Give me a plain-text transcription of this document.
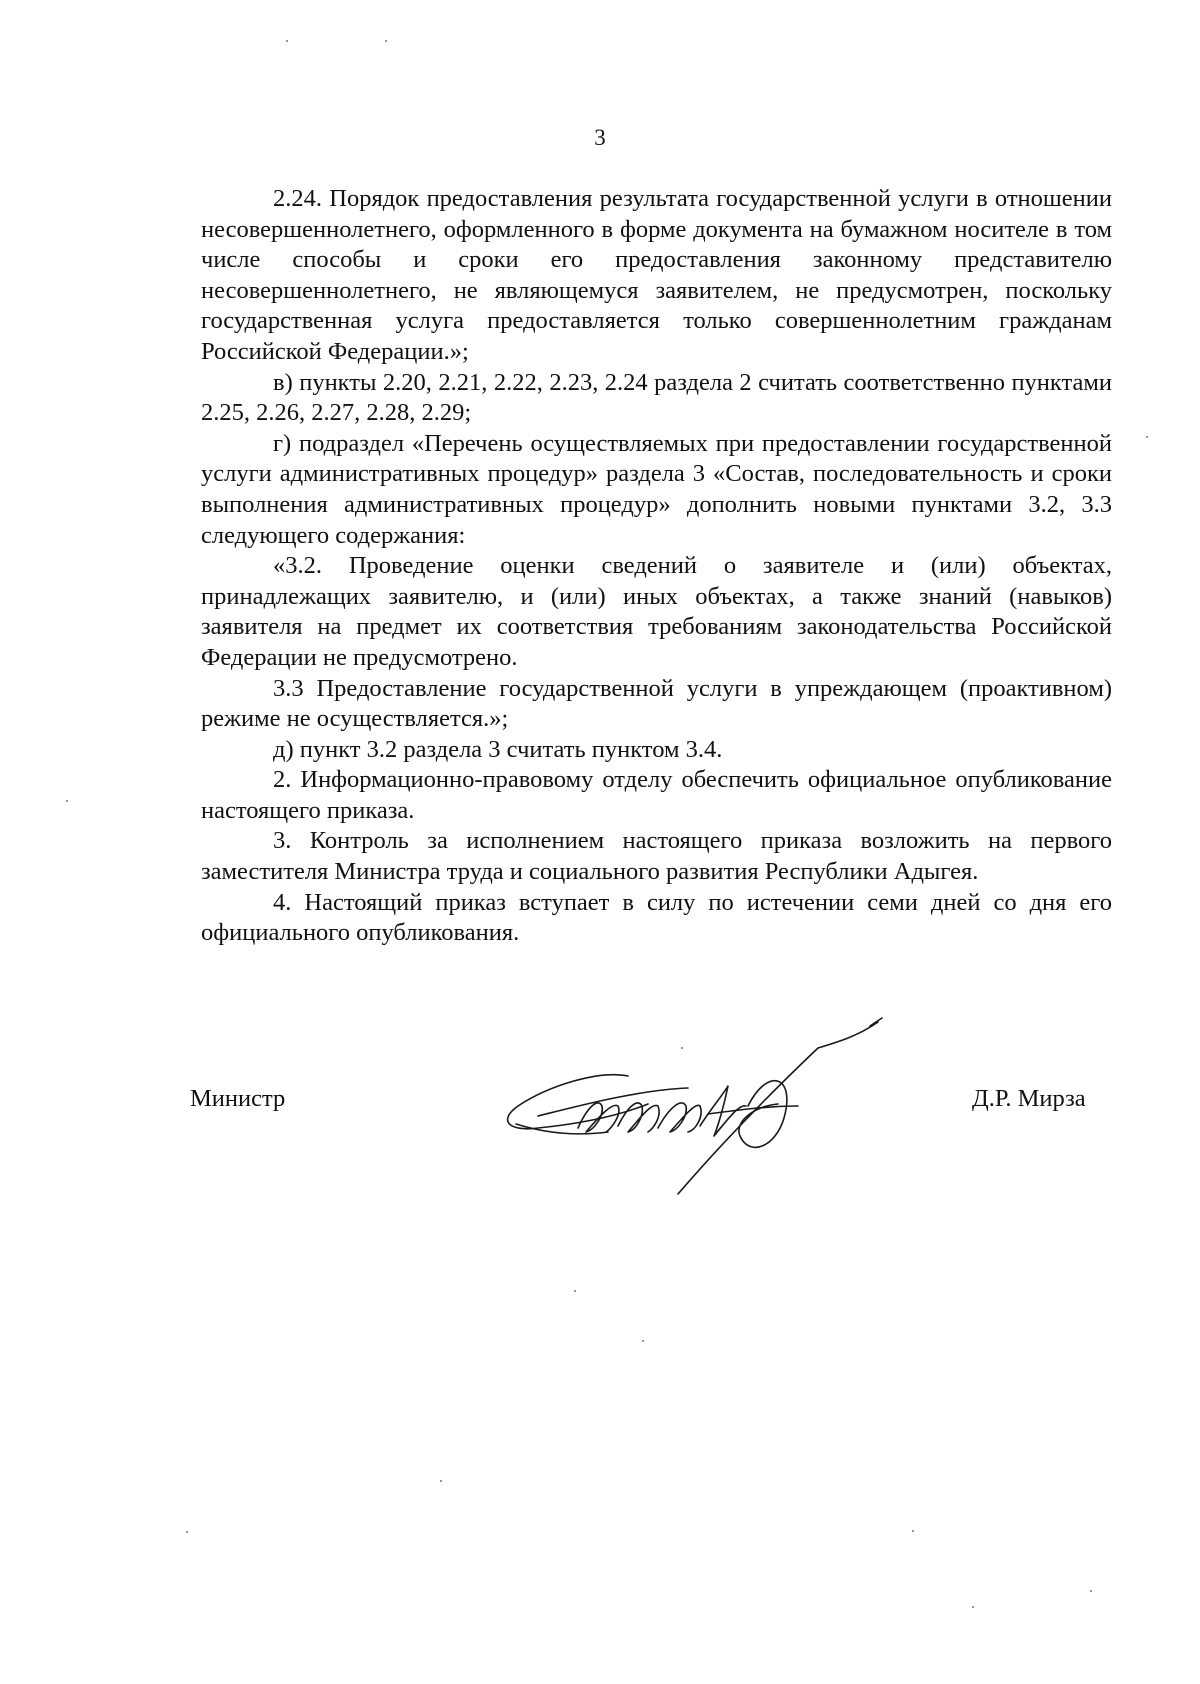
3

2.24. Порядок предоставления результата государственной услуги в отношении несовершеннолетнего, оформленного в форме документа на бумажном носителе в том числе способы и сроки его предоставления законному представителю несовершеннолетнего, не являющемуся заявителем, не предусмотрен, поскольку государственная услуга предоставляется только совершеннолетним гражданам Российской Федерации.»;

в) пункты 2.20, 2.21, 2.22, 2.23, 2.24 раздела 2 считать соответственно пунктами 2.25, 2.26, 2.27, 2.28, 2.29;

г) подраздел «Перечень осуществляемых при предоставлении государственной услуги административных процедур» раздела 3 «Состав, последовательность и сроки выполнения административных процедур» дополнить новыми пунктами 3.2, 3.3 следующего содержания:

«3.2. Проведение оценки сведений о заявителе и (или) объектах, принадлежащих заявителю, и (или) иных объектах, а также знаний (навыков) заявителя на предмет их соответствия требованиям законодательства Российской Федерации не предусмотрено.

3.3 Предоставление государственной услуги в упреждающем (проактивном) режиме не осуществляется.»;

д) пункт 3.2 раздела 3 считать пунктом 3.4.

2. Информационно-правовому отделу обеспечить официальное опубликование настоящего приказа.

3. Контроль за исполнением настоящего приказа возложить на первого заместителя Министра труда и социального развития Республики Адыгея.

4. Настоящий приказ вступает в силу по истечении семи дней со дня его официального опубликования.

Министр	Д.Р. Мирза
